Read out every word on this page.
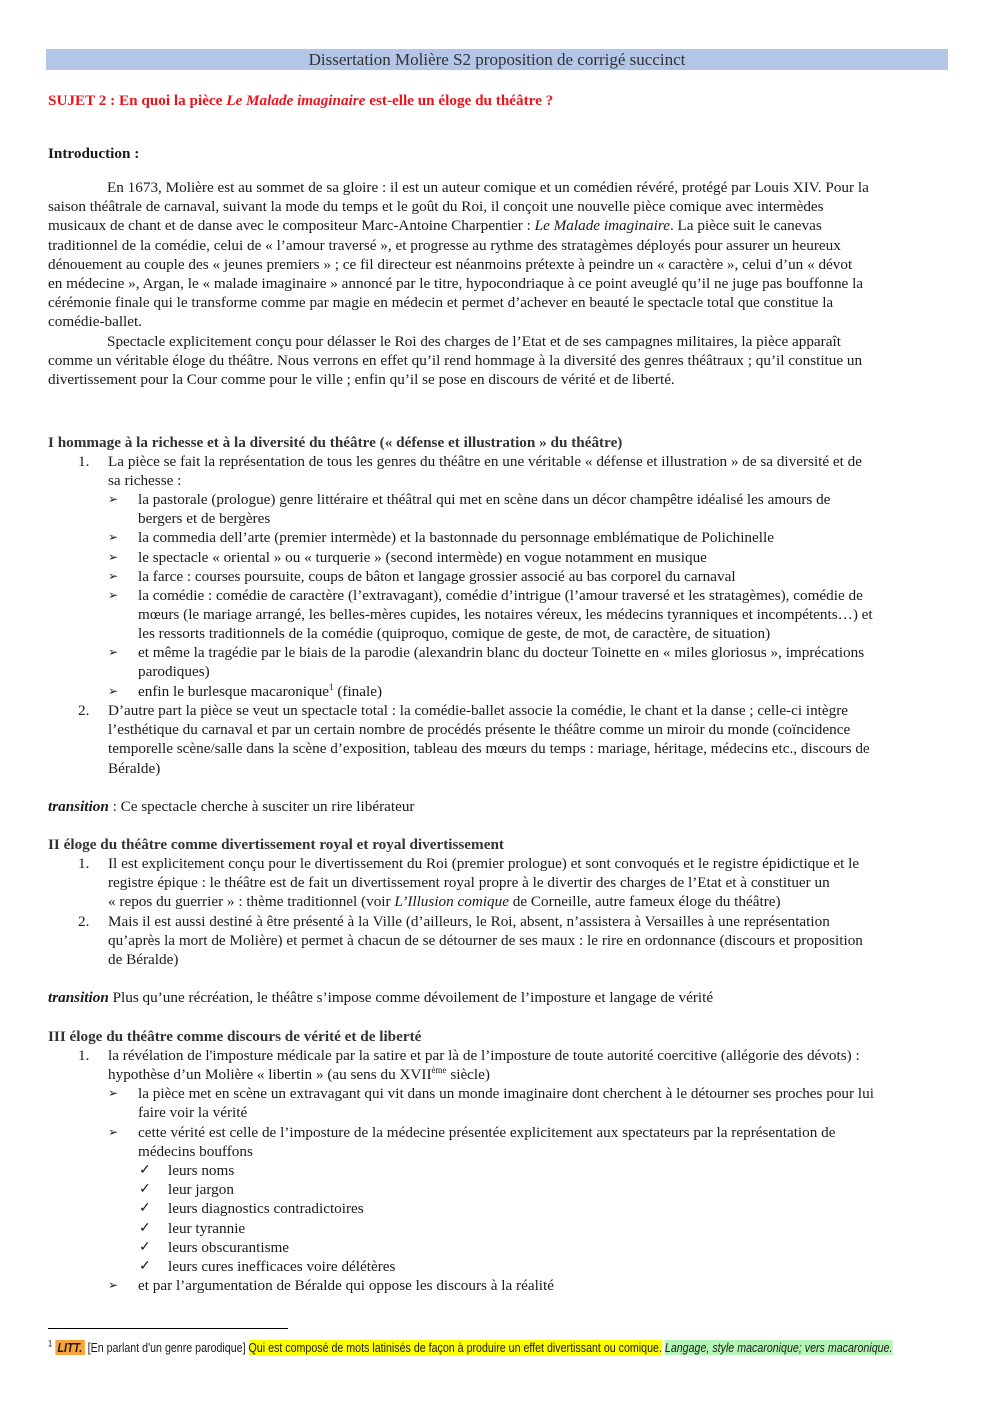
Dissertation Molière S2 proposition de corrigé succinct
SUJET 2 : En quoi la pièce Le Malade imaginaire est-elle un éloge du théâtre ?
Introduction :
En 1673, Molière est au sommet de sa gloire : il est un auteur comique et un comédien révéré, protégé par Louis XIV. Pour la
saison théâtrale de carnaval, suivant la mode du temps et le goût du Roi, il conçoit une nouvelle pièce comique avec intermèdes
musicaux de chant et de danse avec le compositeur Marc-Antoine Charpentier : Le Malade imaginaire. La pièce suit le canevas
traditionnel de la comédie, celui de « l’amour traversé », et progresse au rythme des stratagèmes déployés pour assurer un heureux
dénouement au couple des « jeunes premiers » ; ce fil directeur est néanmoins prétexte à peindre un « caractère », celui d’un « dévot
en médecine », Argan, le « malade imaginaire » annoncé par le titre, hypocondriaque à ce point aveuglé qu’il ne juge pas bouffonne la
cérémonie finale qui le transforme comme par magie en médecin et permet d’achever en beauté le spectacle total que constitue la
comédie-ballet.
Spectacle explicitement conçu pour délasser le Roi des charges de l’Etat et de ses campagnes militaires, la pièce apparaît
comme un véritable éloge du théâtre. Nous verrons en effet qu’il rend hommage à la diversité des genres théâtraux ; qu’il constitue un
divertissement pour la Cour comme pour le ville ; enfin qu’il se pose en discours de vérité et de liberté.
I hommage à la richesse et à la diversité du théâtre (« défense et illustration » du théâtre)
1. La pièce se fait la représentation de tous les genres du théâtre en une véritable « défense et illustration » de sa diversité et de
sa richesse :
➢ la pastorale (prologue) genre littéraire et théâtral qui met en scène dans un décor champêtre idéalisé les amours de
bergers et de bergères
➢ la commedia dell’arte (premier intermède) et la bastonnade du personnage emblématique de Polichinelle
➢ le spectacle « oriental » ou « turquerie » (second intermède) en vogue notamment en musique
➢ la farce : courses poursuite, coups de bâton et langage grossier associé au bas corporel du carnaval
➢ la comédie : comédie de caractère (l’extravagant), comédie d’intrigue (l’amour traversé et les stratagèmes), comédie de
mœurs (le mariage arrangé, les belles-mères cupides, les notaires véreux, les médecins tyranniques et incompétents…) et
les ressorts traditionnels de la comédie (quiproquo, comique de geste, de mot, de caractère, de situation)
➢ et même la tragédie par le biais de la parodie (alexandrin blanc du docteur Toinette en « miles gloriosus », imprécations
parodiques)
➢ enfin le burlesque macaronique$^1$ (finale)
2. D’autre part la pièce se veut un spectacle total : la comédie-ballet associe la comédie, le chant et la danse ; celle-ci intègre
l’esthétique du carnaval et par un certain nombre de procédés présente le théâtre comme un miroir du monde (coïncidence
temporelle scène/salle dans la scène d’exposition, tableau des mœurs du temps : mariage, héritage, médecins etc., discours de
Béralde)
transition : Ce spectacle cherche à susciter un rire libérateur
II éloge du théâtre comme divertissement royal et royal divertissement
1. Il est explicitement conçu pour le divertissement du Roi (premier prologue) et sont convoqués et le registre épidictique et le
registre épique : le théâtre est de fait un divertissement royal propre à le divertir des charges de l’Etat et à constituer un
« repos du guerrier » : thème traditionnel (voir L’Illusion comique de Corneille, autre fameux éloge du théâtre)
2. Mais il est aussi destiné à être présenté à la Ville (d’ailleurs, le Roi, absent, n’assistera à Versailles à une représentation
qu’après la mort de Molière) et permet à chacun de se détourner de ses maux : le rire en ordonnance (discours et proposition
de Béralde)
transition Plus qu’une récréation, le théâtre s’impose comme dévoilement de l’imposture et langage de vérité
III éloge du théâtre comme discours de vérité et de liberté
1. la révélation de l'imposture médicale par la satire et par là de l’imposture de toute autorité coercitive (allégorie des dévots) :
hypothèse d’un Molière « libertin » (au sens du XVIIème siècle)
➢ la pièce met en scène un extravagant qui vit dans un monde imaginaire dont cherchent à le détourner ses proches pour lui
faire voir la vérité
➢ cette vérité est celle de l’imposture de la médecine présentée explicitement aux spectateurs par la représentation de
médecins bouffons
✓ leurs noms
✓ leur jargon
✓ leurs diagnostics contradictoires
✓ leur tyrannie
✓ leurs obscurantisme
✓ leurs cures inefficaces voire délétères
➢ et par l’argumentation de Béralde qui oppose les discours à la réalité
$^1$ LITT. [En parlant d'un genre parodique] Qui est composé de mots latinisés de façon à produire un effet divertissant ou comique. Langage, style macaronique; vers macaronique.
